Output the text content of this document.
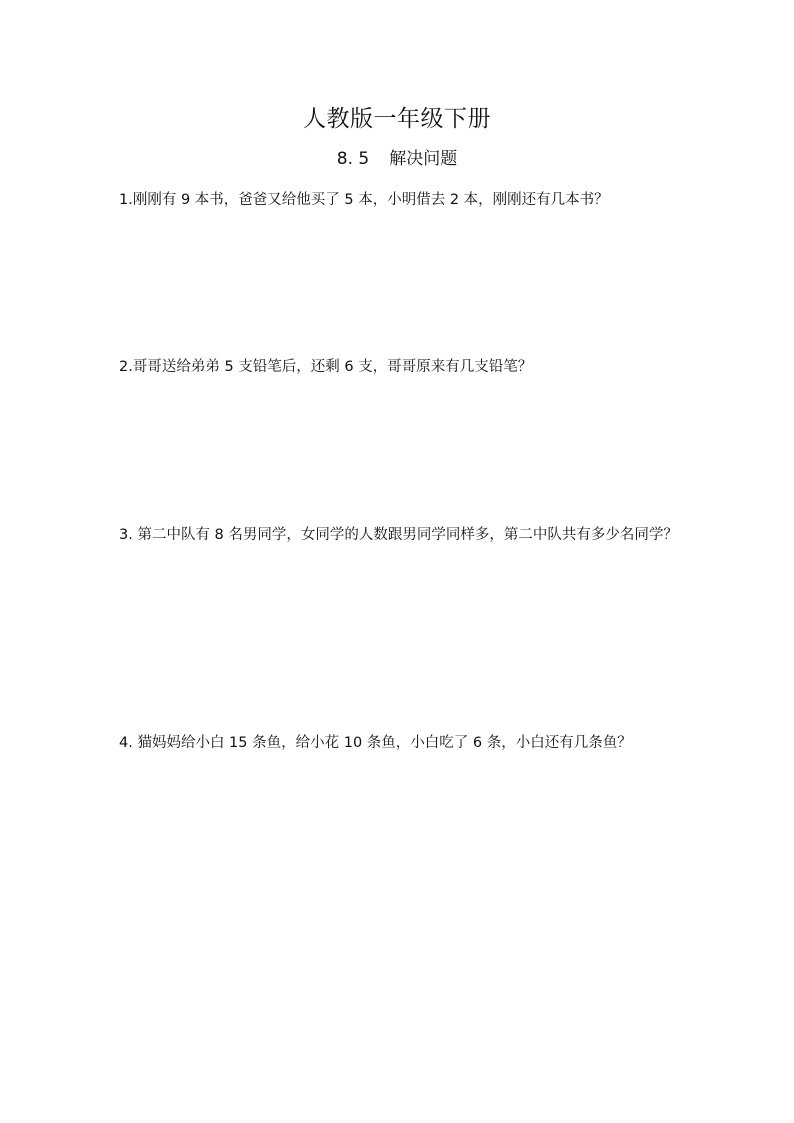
人教版一年级下册
8. 5 解决问题
1.刚刚有 9 本书，爸爸又给他买了 5 本，小明借去 2 本，刚刚还有几本书？
2.哥哥送给弟弟 5 支铅笔后，还剩 6 支，哥哥原来有几支铅笔？
3. 第二中队有 8 名男同学，女同学的人数跟男同学同样多，第二中队共有多少名同学？
4. 猫妈妈给小白 15 条鱼，给小花 10 条鱼，小白吃了 6 条，小白还有几条鱼？
